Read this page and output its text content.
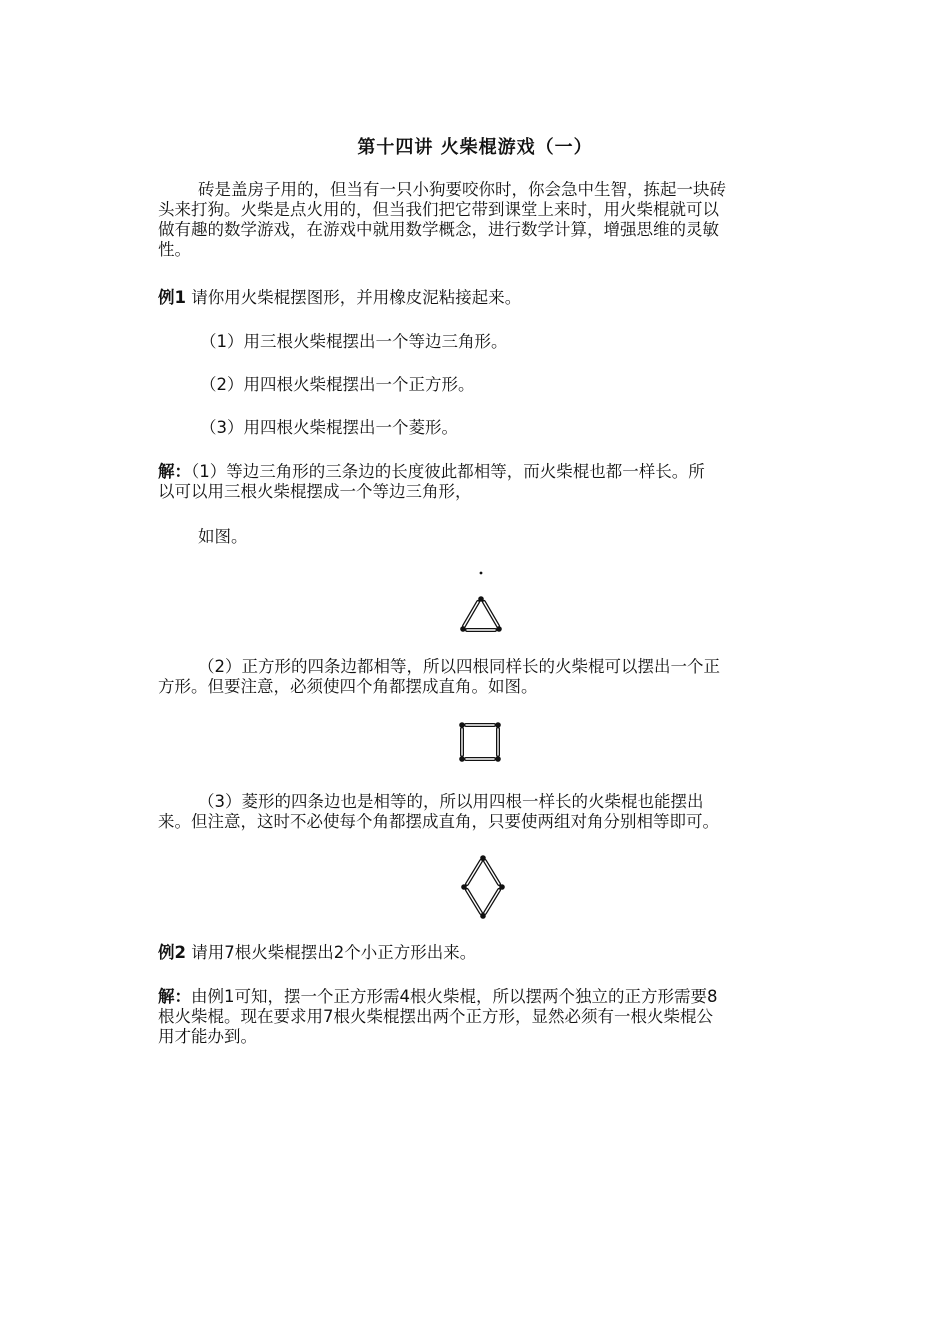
第十四讲 火柴棍游戏（一）
砖是盖房子用的，但当有一只小狗要咬你时，你会急中生智，拣起一块砖
头来打狗。火柴是点火用的，但当我们把它带到课堂上来时，用火柴棍就可以
做有趣的数学游戏，在游戏中就用数学概念，进行数学计算，增强思维的灵敏
性。
例1 请你用火柴棍摆图形，并用橡皮泥粘接起来。
（1）用三根火柴棍摆出一个等边三角形。
（2）用四根火柴棍摆出一个正方形。
（3）用四根火柴棍摆出一个菱形。
解：（1）等边三角形的三条边的长度彼此都相等，而火柴棍也都一样长。所
以可以用三根火柴棍摆成一个等边三角形，
如图。
（2）正方形的四条边都相等，所以四根同样长的火柴棍可以摆出一个正
方形。但要注意，必须使四个角都摆成直角。如图。
（3）菱形的四条边也是相等的，所以用四根一样长的火柴棍也能摆出
来。但注意，这时不必使每个角都摆成直角，只要使两组对角分别相等即可。
例2 请用7根火柴棍摆出2个小正方形出来。
解：由例1可知，摆一个正方形需4根火柴棍，所以摆两个独立的正方形需要8
根火柴棍。现在要求用7根火柴棍摆出两个正方形，显然必须有一根火柴棍公
用才能办到。
